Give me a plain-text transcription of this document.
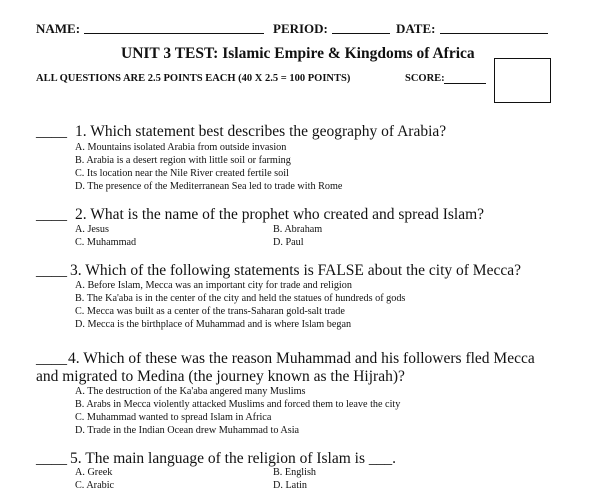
NAME:	PERIOD:	DATE:
UNIT 3 TEST: Islamic Empire & Kingdoms of Africa
ALL QUESTIONS ARE 2.5 POINTS EACH (40 X 2.5 = 100 POINTS)	SCORE:
____ 1. Which statement best describes the geography of Arabia?
A. Mountains isolated Arabia from outside invasion
B. Arabia is a desert region with little soil or farming
C. Its location near the Nile River created fertile soil
D. The presence of the Mediterranean Sea led to trade with Rome
____ 2. What is the name of the prophet who created and spread Islam?
A. Jesus	B. Abraham
C. Muhammad	D. Paul
____ 3. Which of the following statements is FALSE about the city of Mecca?
A. Before Islam, Mecca was an important city for trade and religion
B. The Ka'aba is in the center of the city and held the statues of hundreds of gods
C. Mecca was built as a center of the trans-Saharan gold-salt trade
D. Mecca is the birthplace of Muhammad and is where Islam began
____ 4. Which of these was the reason Muhammad and his followers fled Mecca
and migrated to Medina (the journey known as the Hijrah)?
A. The destruction of the Ka'aba angered many Muslims
B. Arabs in Mecca violently attacked Muslims and forced them to leave the city
C. Muhammad wanted to spread Islam in Africa
D. Trade in the Indian Ocean drew Muhammad to Asia
____ 5. The main language of the religion of Islam is ___.
A. Greek	B. English
C. Arabic	D. Latin
